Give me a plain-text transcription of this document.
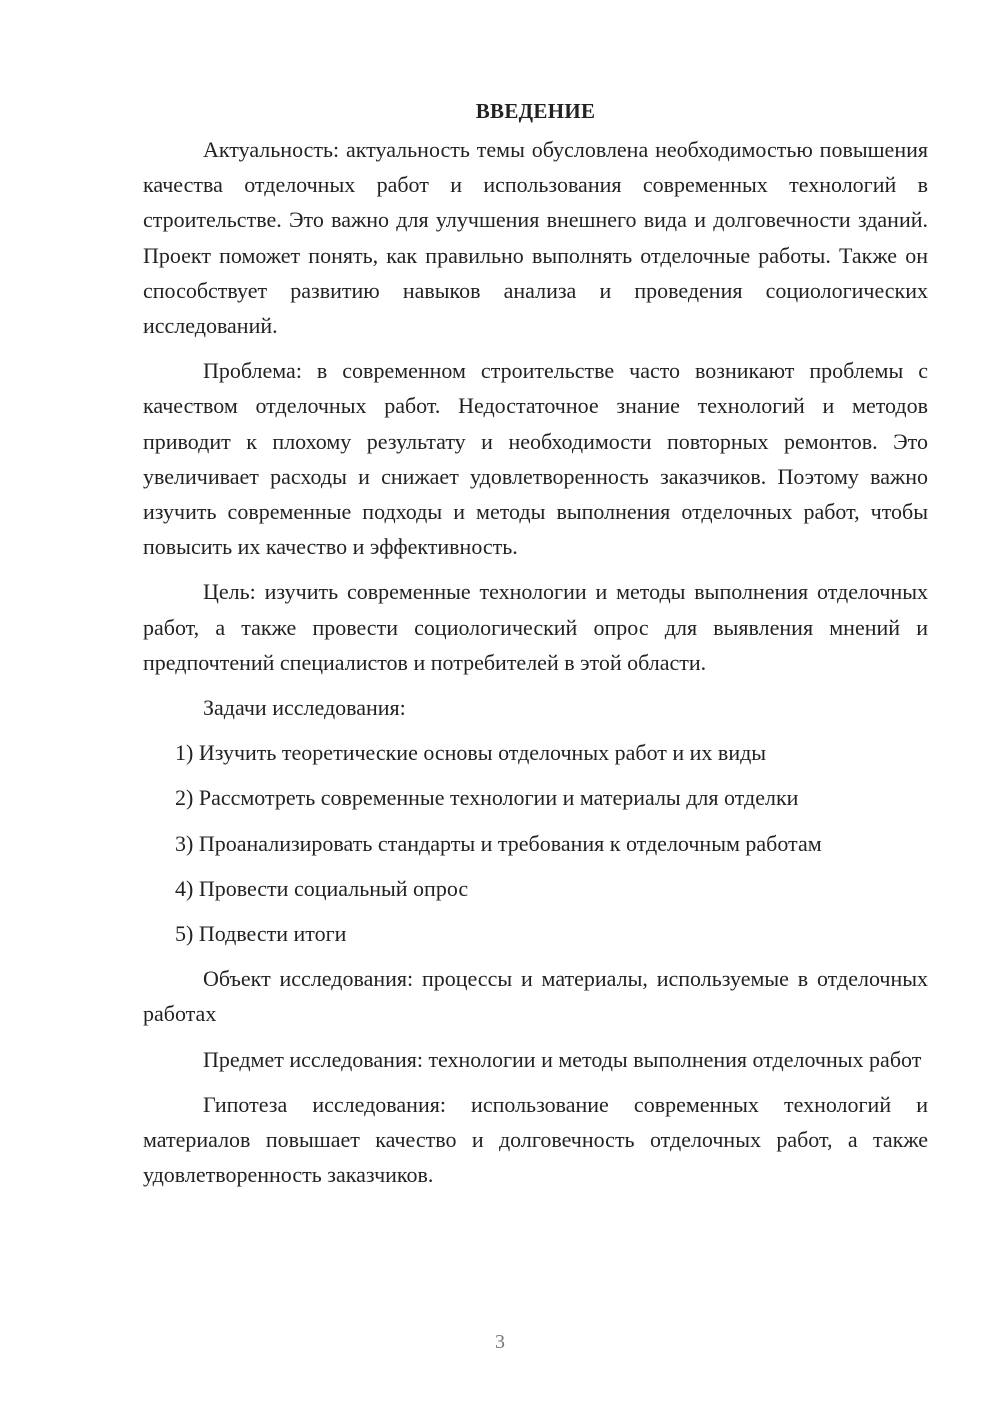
ВВЕДЕНИЕ

Актуальность: актуальность темы обусловлена необходимостью повышения качества отделочных работ и использования современных технологий в строительстве. Это важно для улучшения внешнего вида и долговечности зданий. Проект поможет понять, как правильно выполнять отделочные работы. Также он способствует развитию навыков анализа и проведения социологических исследований.

Проблема: в современном строительстве часто возникают проблемы с качеством отделочных работ. Недостаточное знание технологий и методов приводит к плохому результату и необходимости повторных ремонтов. Это увеличивает расходы и снижает удовлетворенность заказчиков. Поэтому важно изучить современные подходы и методы выполнения отделочных работ, чтобы повысить их качество и эффективность.

Цель: изучить современные технологии и методы выполнения отделочных работ, а также провести социологический опрос для выявления мнений и предпочтений специалистов и потребителей в этой области.

Задачи исследования:

1) Изучить теоретические основы отделочных работ и их виды
2) Рассмотреть современные технологии и материалы для отделки
3) Проанализировать стандарты и требования к отделочным работам
4) Провести социальный опрос
5) Подвести итоги

Объект исследования: процессы и материалы, используемые в отделочных работах

Предмет исследования: технологии и методы выполнения отделочных работ

Гипотеза исследования: использование современных технологий и материалов повышает качество и долговечность отделочных работ, а также удовлетворенность заказчиков.

3
